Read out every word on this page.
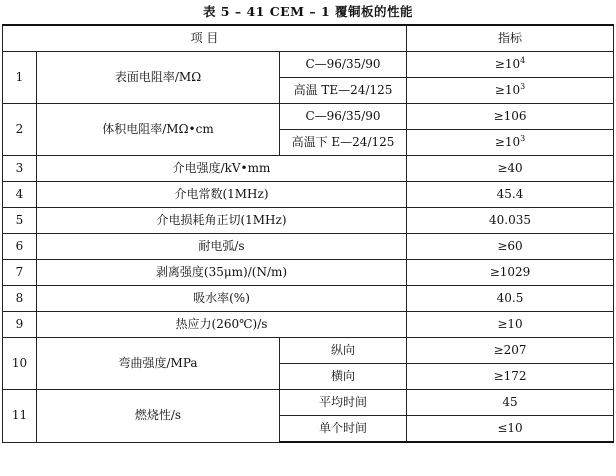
表 5 – 41 CEM – 1 覆铜板的性能
项 目			指标
1	表面电阻率/MΩ	C—96/35/90	$\ge 10^4$
		高温 TE—24/125	$\ge 10^3$
2	体积电阻率/MΩ•cm	C—96/35/90	≥106
		高温下 E—24/125	$\ge 10^3$
3	介电强度/kV•mm		≥40
4	介电常数(1MHz)		45.4
5	介电损耗角正切(1MHz)		40.035
6	耐电弧/s		≥60
7	剥离强度(35μm)/(N/m)		≥1029
8	吸水率(%)		40.5
9	热应力(260℃)/s		≥10
10	弯曲强度/MPa	纵向	≥207
		横向	≥172
11	燃烧性/s	平均时间	45
		单个时间	≤10
